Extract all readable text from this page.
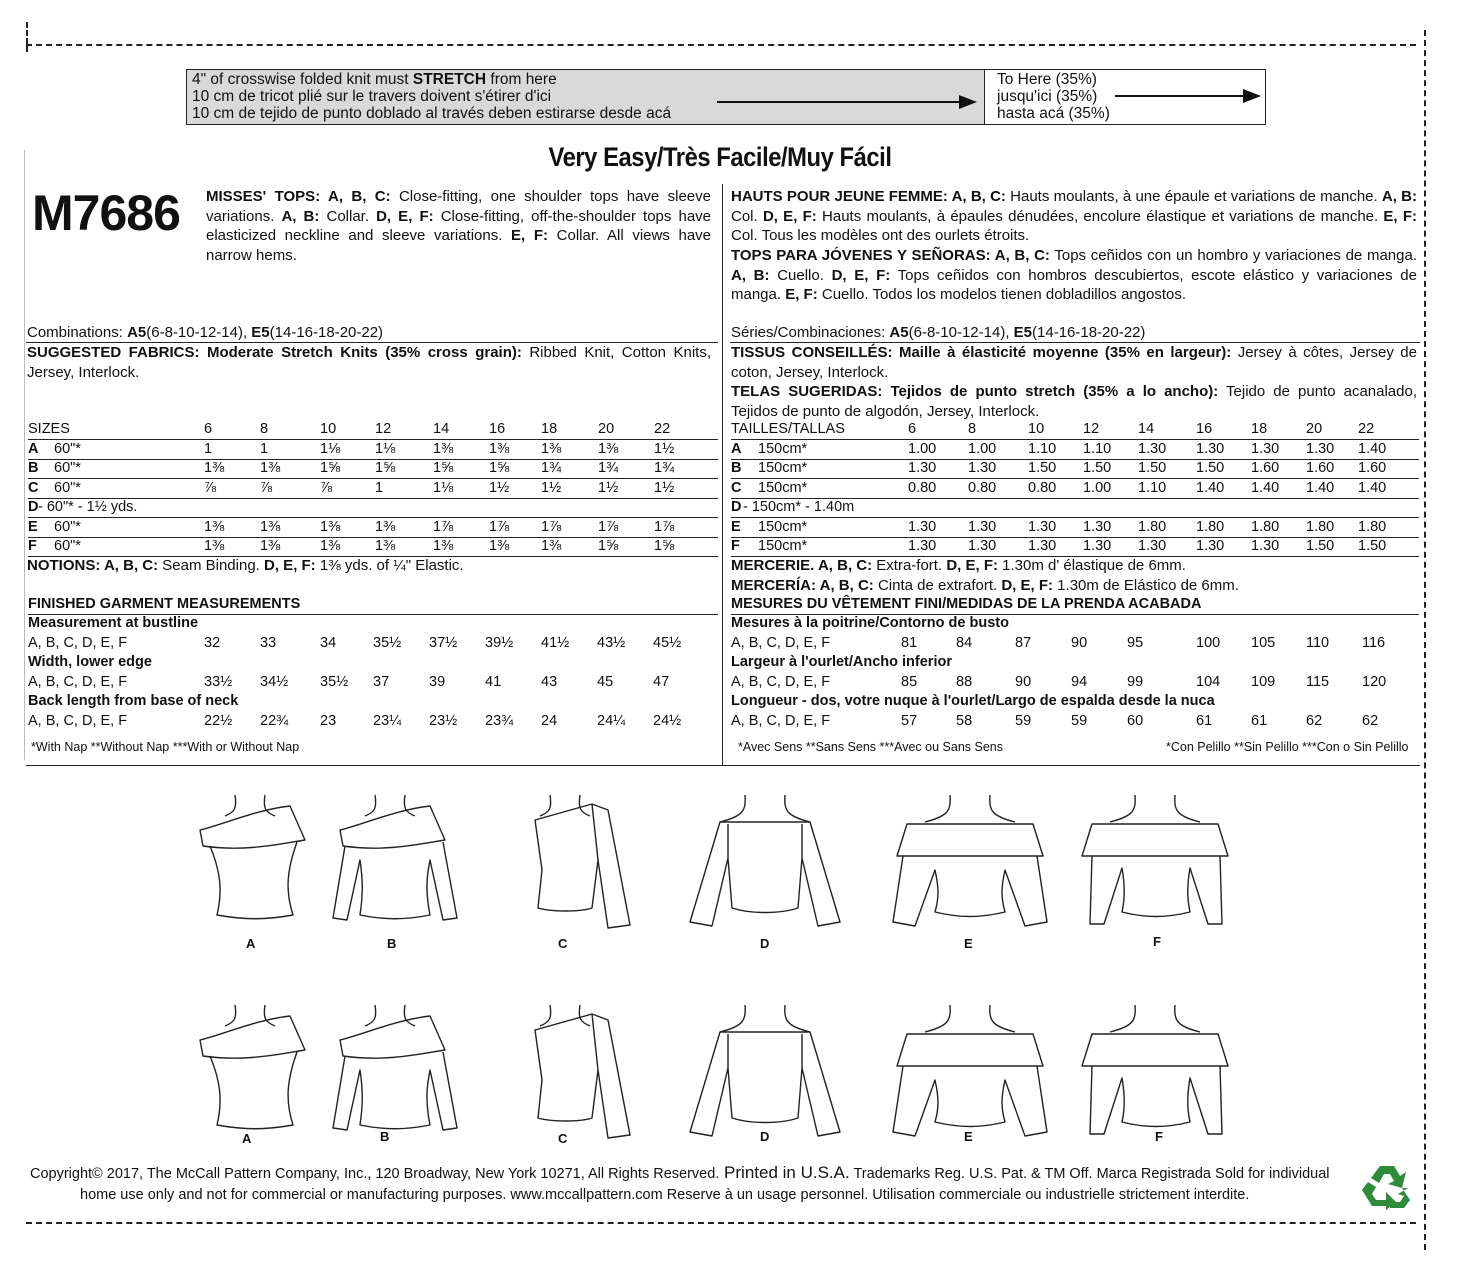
4" of crosswise folded knit must STRETCH from here
10 cm de tricot plié sur le travers doivent s'étirer d'ici
10 cm de tejido de punto doblado al través deben estirarse desde acá
To Here (35%)
jusqu'ici (35%)
hasta acá (35%)
Very Easy/Très Facile/Muy Fácil
M7686 MISSES' TOPS: A, B, C: Close-fitting, one shoulder tops have sleeve variations. A, B: Collar. D, E, F: Close-fitting, off-the-shoulder tops have elasticized neckline and sleeve variations. E, F: Collar. All views have narrow hems.
HAUTS POUR JEUNE FEMME: A, B, C: Hauts moulants, à une épaule et variations de manche. A, B: Col. D, E, F: Hauts moulants, à épaules dénudées, encolure élastique et variations de manche. E, F: Col. Tous les modèles ont des ourlets étroits.
TOPS PARA JÓVENES Y SEÑORAS: A, B, C: Tops ceñidos con un hombro y variaciones de manga. A, B: Cuello. D, E, F: Tops ceñidos con hombros descubiertos, escote elástico y variaciones de manga. E, F: Cuello. Todos los modelos tienen dobladillos angostos.
Combinations: A5(6-8-10-12-14), E5(14-16-18-20-22)	Séries/Combinaciones: A5(6-8-10-12-14), E5(14-16-18-20-22)
SUGGESTED FABRICS: Moderate Stretch Knits (35% cross grain): Ribbed Knit, Cotton Knits, Jersey, Interlock.
TISSUS CONSEILLÉS: Maille à élasticité moyenne (35% en largeur): Jersey à côtes, Jersey de coton, Jersey, Interlock.
TELAS SUGERIDAS: Tejidos de punto stretch (35% a lo ancho): Tejido de punto acanalado, Tejidos de punto de algodón, Jersey, Interlock.
SIZES	6	8	10	12	14	16 18	20	22
A 60"*	1	1	1⅛ 1⅛	1⅜ 1⅜ 1⅜	1⅜ 1½
B 60"*	1⅜ 1⅜	1⅝ 1⅝	1⅝ 1⅝ 1¾	1¾ 1¾
C 60"*	⅞	⅞	⅞	1	1⅛ 1½ 1½	1½ 1½
D - 60"* - 1½ yds.
E 60"*	1⅜ 1⅜	1⅜ 1⅜	1⅞ 1⅞ 1⅞	1⅞ 1⅞
F 60"*	1⅜ 1⅜	1⅜ 1⅜	1⅜ 1⅜ 1⅜	1⅝ 1⅝
TAILLES/TALLAS	6	8	10	12	14	16	18	20 22
A 150cm*	1.00 1.00 1.10 1.10 1.30 1.30 1.30 1.30 1.40
B 150cm*	1.30 1.30 1.50 1.50 1.50 1.50 1.60 1.60 1.60
C 150cm*	0.80 0.80 0.80 1.00 1.10 1.40 1.40 1.40 1.40
D - 150cm* - 1.40m
E 150cm*	1.30 1.30 1.30 1.30 1.80 1.80 1.80 1.80 1.80
F 150cm*	1.30 1.30 1.30 1.30 1.30 1.30 1.30 1.50 1.50
NOTIONS: A, B, C: Seam Binding. D, E, F: 1⅜ yds. of ¼" Elastic.	MERCERIE. A, B, C: Extra-fort. D, E, F: 1.30m d' élastique de 6mm.
MERCERÍA: A, B, C: Cinta de extrafort. D, E, F: 1.30m de Elástico de 6mm.
FINISHED GARMENT MEASUREMENTS
Measurement at bustline
A, B, C, D, E, F	32	33	34	35½ 37½ 39½ 41½ 43½ 45½
Width, lower edge
A, B, C, D, E, F	33½ 34½ 35½ 37	39	41	43	45	47
Back length from base of neck
A, B, C, D, E, F	22½ 22¾ 23	23¼ 23½ 23¾ 24	24¼ 24½
MESURES DU VÊTEMENT FINI/MEDIDAS DE LA PRENDA ACABADA
Mesures à la poitrine/Contorno de busto
A, B, C, D, E, F	81	84	87	90	95	100 105 110 116
Largeur à l'ourlet/Ancho inferior
A, B, C, D, E, F	85	88	90	94	99	104 109 115 120
Longueur - dos, votre nuque à l'ourlet/Largo de espalda desde la nuca
A, B, C, D, E, F	57	58	59	59	60	61	61	62	62
*With Nap **Without Nap ***With or Without Nap	*Avec Sens **Sans Sens ***Avec ou Sans Sens	*Con Pelillo **Sin Pelillo ***Con o Sin Pelillo
A
A
B
B
C
C
D
D
E
E
F
F
Copyright© 2017, The McCall Pattern Company, Inc., 120 Broadway, New York 10271, All Rights Reserved. Printed in U.S.A. Trademarks Reg. U.S. Pat. & TM Off. Marca Registrada Sold for individual
home use only and not for commercial or manufacturing purposes. www.mccallpattern.com Reserve à un usage personnel. Utilisation commerciale ou industrielle strictement interdite.
